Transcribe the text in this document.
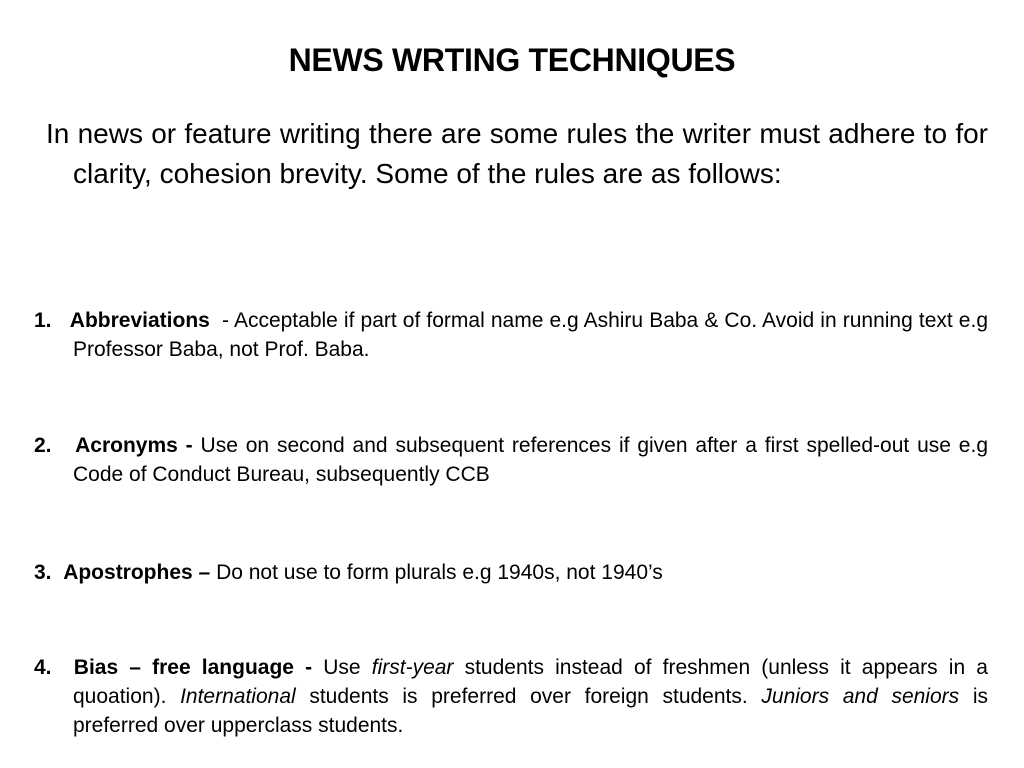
NEWS WRTING TECHNIQUES
In news or feature writing there are some rules the writer must adhere to for clarity, cohesion brevity. Some of the rules are as follows:
1. Abbreviations  - Acceptable if part of formal name e.g Ashiru Baba & Co. Avoid in running text e.g Professor Baba, not Prof. Baba.
2. Acronyms - Use on second and subsequent references if given after a first spelled-out use e.g Code of Conduct Bureau, subsequently CCB
3. Apostrophes – Do not use to form plurals e.g 1940s, not 1940’s
4. Bias – free language - Use first-year students instead of freshmen (unless it appears in a quoation). International students is preferred over foreign students. Juniors and seniors is preferred over upperclass students.
